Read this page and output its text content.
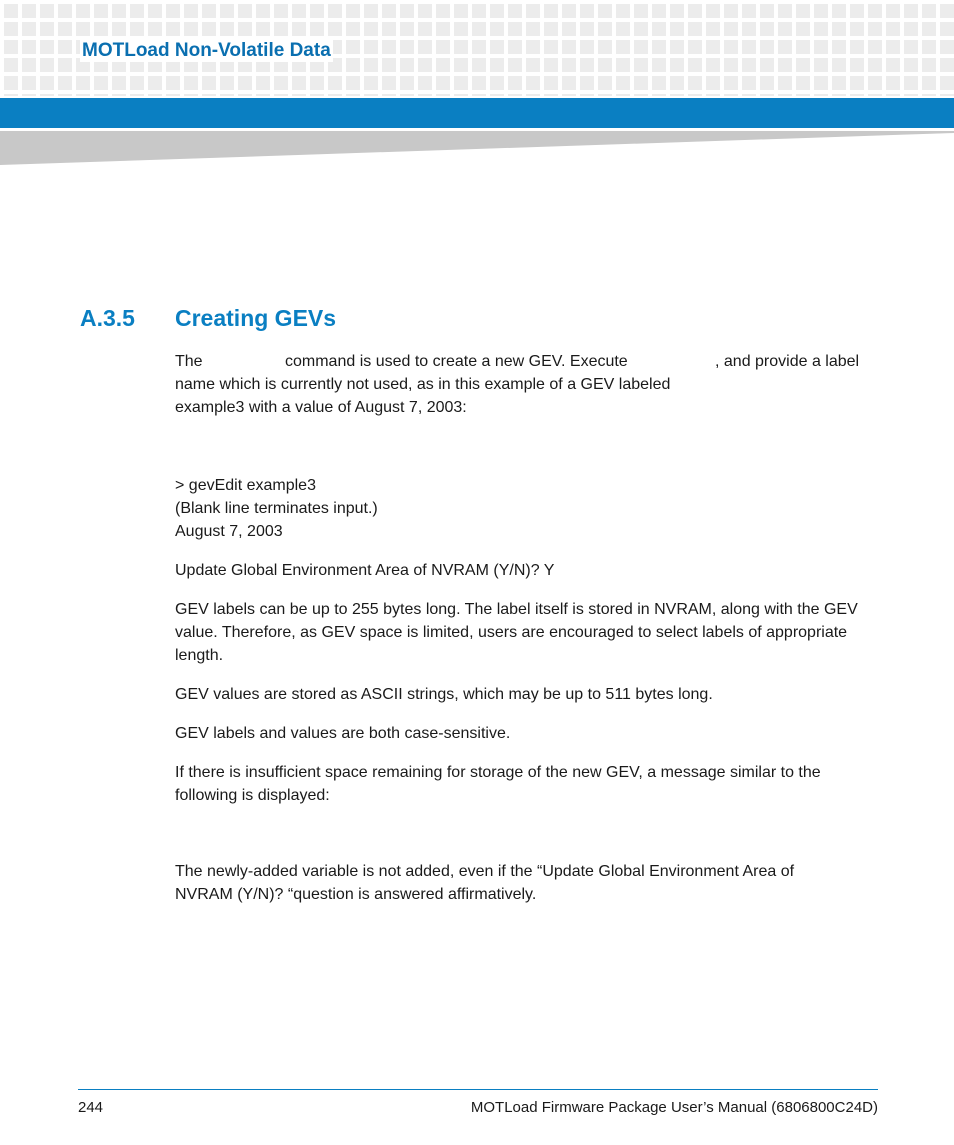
MOTLoad Non-Volatile Data
A.3.5 Creating GEVs
The	command is used to create a new GEV. Execute	, and provide a label
name which is currently not used, as in this example of a GEV labeled
example3 with a value of August 7, 2003:
> gevEdit example3
(Blank line terminates input.)
August 7, 2003
Update Global Environment Area of NVRAM (Y/N)? Y
GEV labels can be up to 255 bytes long. The label itself is stored in NVRAM, along with the GEV
value. Therefore, as GEV space is limited, users are encouraged to select labels of appropriate
length.
GEV values are stored as ASCII strings, which may be up to 511 bytes long.
GEV labels and values are both case-sensitive.
If there is insufficient space remaining for storage of the new GEV, a message similar to the
following is displayed:
The newly-added variable is not added, even if the “Update Global Environment Area of
NVRAM (Y/N)? “question is answered affirmatively.
244	MOTLoad Firmware Package User’s Manual (6806800C24D)
